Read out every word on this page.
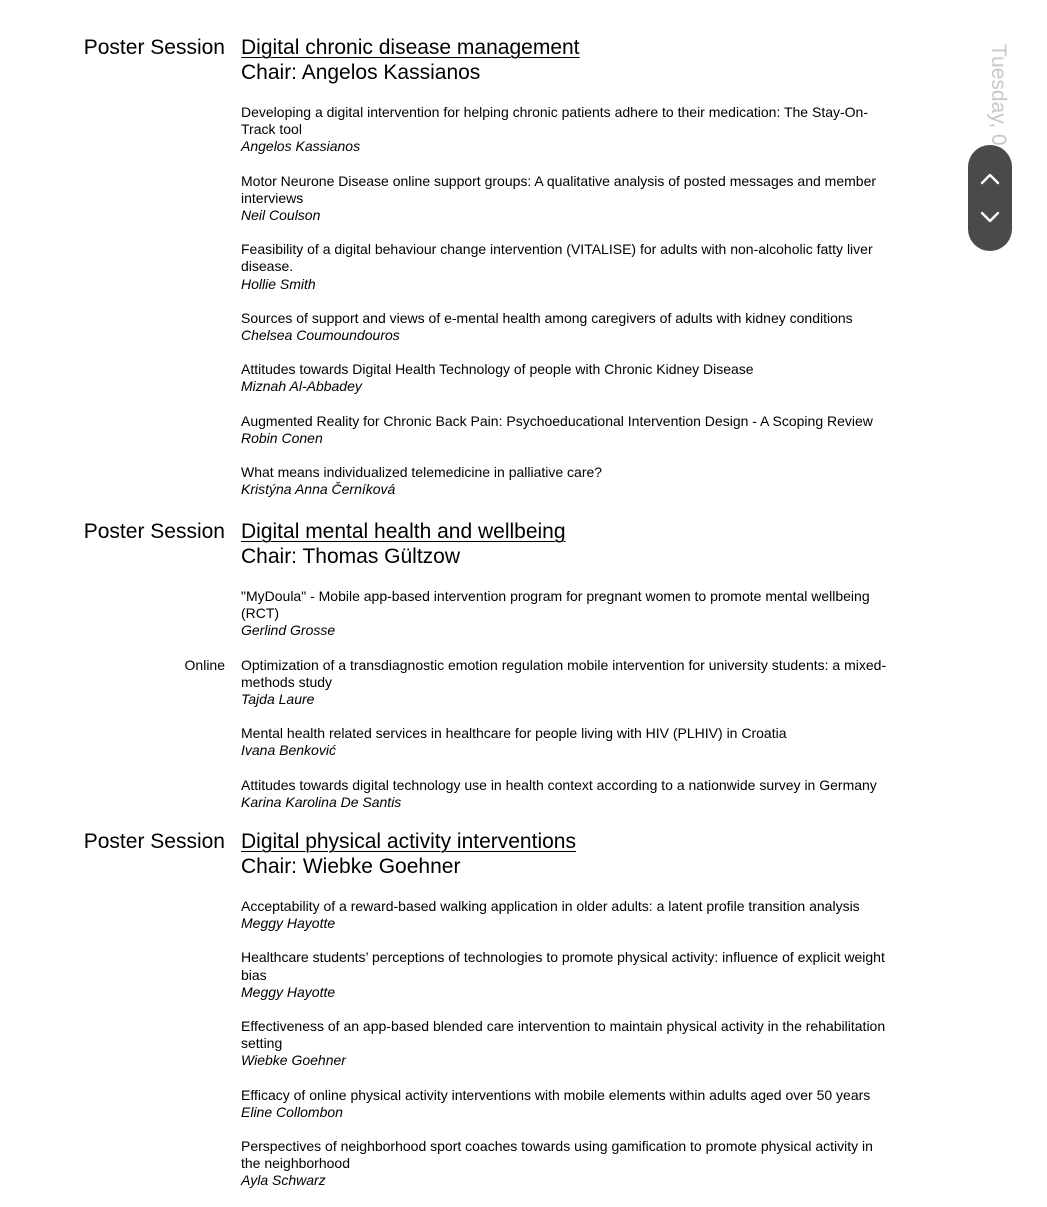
Poster Session Digital chronic disease management
Chair: Angelos Kassianos
Developing a digital intervention for helping chronic patients adhere to their medication: The Stay-On-Track tool
Angelos Kassianos
Motor Neurone Disease online support groups: A qualitative analysis of posted messages and member interviews
Neil Coulson
Feasibility of a digital behaviour change intervention (VITALISE) for adults with non-alcoholic fatty liver disease.
Hollie Smith
Sources of support and views of e-mental health among caregivers of adults with kidney conditions
Chelsea Coumoundouros
Attitudes towards Digital Health Technology of people with Chronic Kidney Disease
Miznah Al-Abbadey
Augmented Reality for Chronic Back Pain: Psychoeducational Intervention Design - A Scoping Review
Robin Conen
What means individualized telemedicine in palliative care?
Kristýna Anna Černíková
Poster Session Digital mental health and wellbeing
Chair: Thomas Gültzow
"MyDoula" - Mobile app-based intervention program for pregnant women to promote mental wellbeing (RCT)
Gerlind Grosse
Online Optimization of a transdiagnostic emotion regulation mobile intervention for university students: a mixed-methods study
Tajda Laure
Mental health related services in healthcare for people living with HIV (PLHIV) in Croatia
Ivana Benković
Attitudes towards digital technology use in health context according to a nationwide survey in Germany
Karina Karolina De Santis
Poster Session Digital physical activity interventions
Chair: Wiebke Goehner
Acceptability of a reward-based walking application in older adults: a latent profile transition analysis
Meggy Hayotte
Healthcare students’ perceptions of technologies to promote physical activity: influence of explicit weight bias
Meggy Hayotte
Effectiveness of an app-based blended care intervention to maintain physical activity in the rehabilitation setting
Wiebke Goehner
Efficacy of online physical activity interventions with mobile elements within adults aged over 50 years
Eline Collombon
Perspectives of neighborhood sport coaches towards using gamification to promote physical activity in the neighborhood
Ayla Schwarz
Tuesday, 0
